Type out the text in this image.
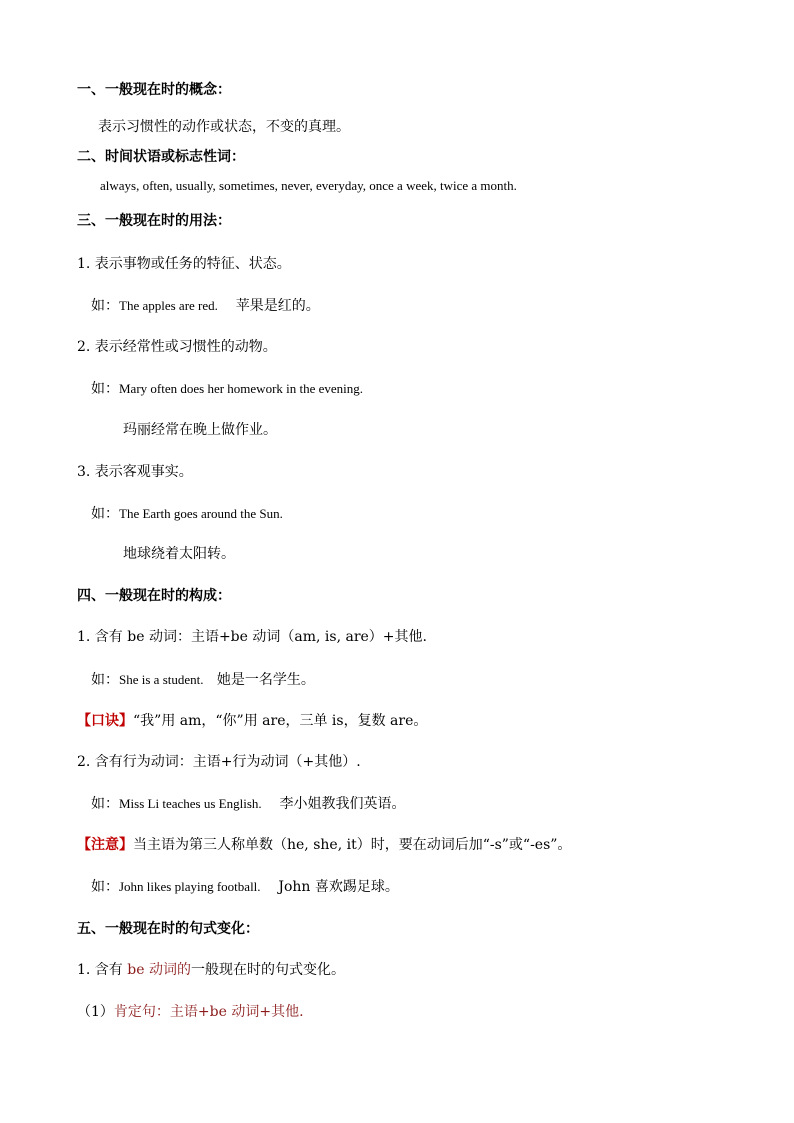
一、一般现在时的概念：
表示习惯性的动作或状态，不变的真理。
二、时间状语或标志性词：
always, often, usually, sometimes, never, everyday, once a week, twice a month.
三、一般现在时的用法：
1. 表示事物或任务的特征、状态。
如：The apples are red. 苹果是红的。
2. 表示经常性或习惯性的动物。
如：Mary often does her homework in the evening.
玛丽经常在晚上做作业。
3. 表示客观事实。
如：The Earth goes around the Sun.
地球绕着太阳转。
四、一般现在时的构成：
1. 含有 be 动词：主语+be 动词（am, is, are）+其他.
如：She is a student. 她是一名学生。
【口诀】“我”用 am，“你”用 are，三单 is，复数 are。
2. 含有行为动词：主语+行为动词（+其他）.
如：Miss Li teaches us English. 李小姐教我们英语。
【注意】当主语为第三人称单数（he, she, it）时，要在动词后加“-s”或“-es”。
如：John likes playing football. John 喜欢踢足球。
五、一般现在时的句式变化：
1. 含有 be 动词的一般现在时的句式变化。
（1）肯定句：主语+be 动词+其他.
